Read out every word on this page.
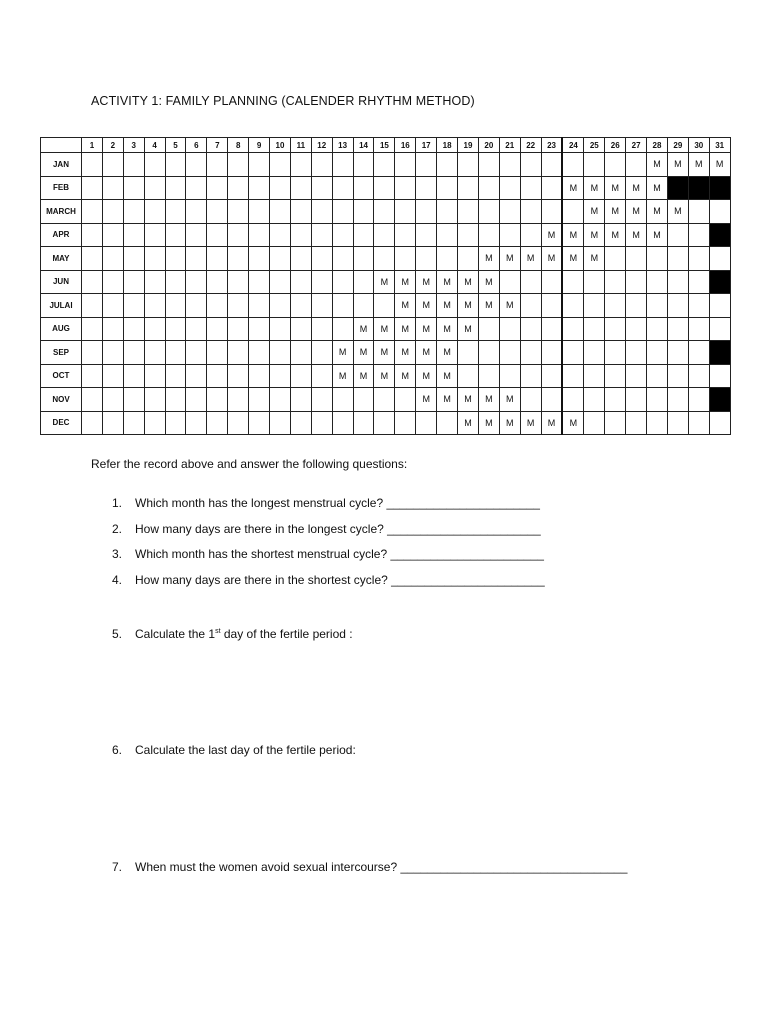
ACTIVITY 1: FAMILY PLANNING (CALENDER RHYTHM METHOD)
	1	2	3	4	5	6	7	8	9	10	11	12	13	14	15	16	17	18	19	20	21	22	23	24	25	26	27	28	29	30	31
JAN																												M	M	M	M
FEB																								M	M	M	M	M			
MARCH																									M	M	M	M	M		
APR																							M	M	M	M	M	M			
MAY																				M	M	M	M	M	M						
JUN															M	M	M	M	M	M											
JULAI																M	M	M	M	M	M										
AUG														M	M	M	M	M	M												
SEP													M	M	M	M	M	M													
OCT													M	M	M	M	M	M													
NOV																	M	M	M	M	M										
DEC																			M	M	M	M	M	M							
Refer the record above and answer the following questions:
1. Which month has the longest menstrual cycle? _______________________
2. How many days are there in the longest cycle? _______________________
3. Which month has the shortest menstrual cycle? _______________________
4. How many days are there in the shortest cycle? _______________________
5. Calculate the 1st day of the fertile period :
6. Calculate the last day of the fertile period:
7. When must the women avoid sexual intercourse? __________________________________
